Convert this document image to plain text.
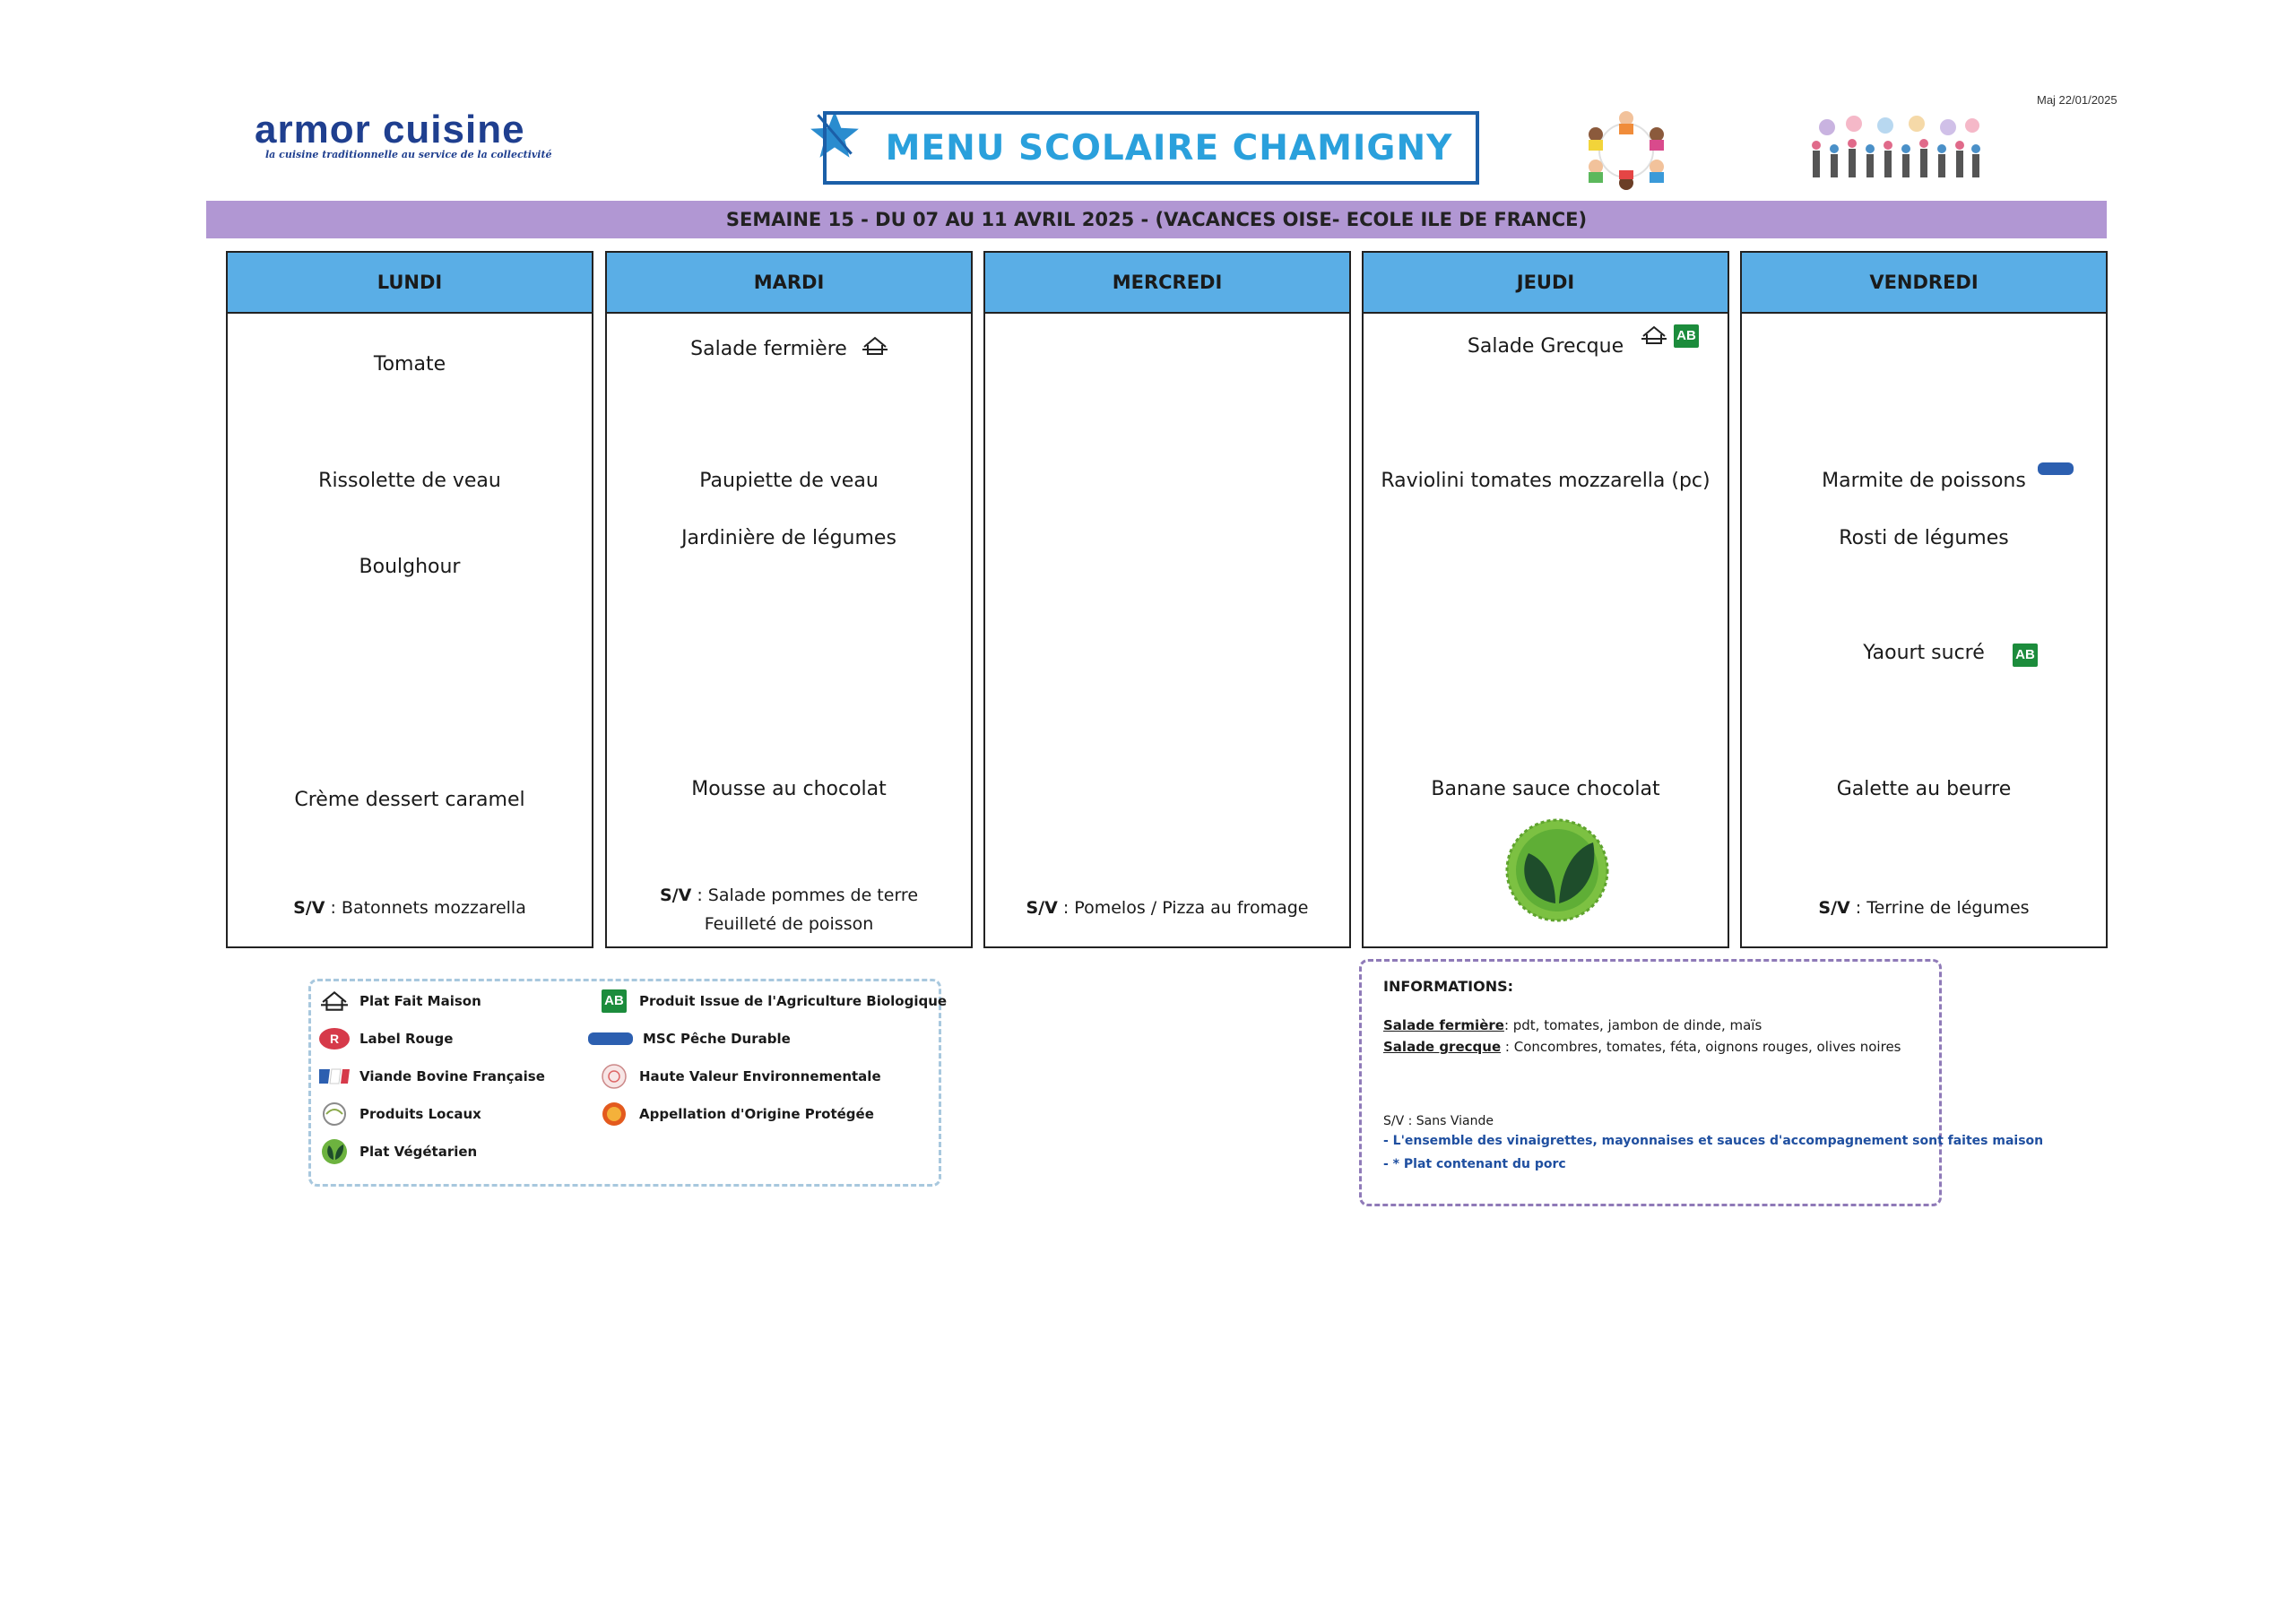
armor cuisine
la cuisine traditionnelle au service de la collectivité
Maj 22/01/2025
MENU SCOLAIRE CHAMIGNY
SEMAINE 15 - DU 07 AU 11 AVRIL 2025 - (VACANCES OISE- ECOLE ILE DE FRANCE)
LUNDI
Tomate
Rissolette de veau
Boulghour
Crème dessert caramel
S/V : Batonnets mozzarella
MARDI
Salade fermière
Paupiette de veau
Jardinière de légumes
Mousse au chocolat
S/V : Salade pommes de terre
Feuilleté de poisson
MERCREDI
S/V : Pomelos / Pizza au fromage
JEUDI
Salade Grecque	AB
Raviolini tomates mozzarella (pc)
Banane sauce chocolat
VENDREDI
Marmite de poissons
Rosti de légumes
Yaourt sucré	AB
Galette au beurre
S/V : Terrine de légumes
Plat Fait Maison
R Label Rouge
Viande Bovine Française
Produits Locaux
Plat Végétarien
AB Produit Issue de l'Agriculture Biologique
MSC Pêche Durable
Haute Valeur Environnementale
Appellation d'Origine Protégée
INFORMATIONS:
Salade fermière: pdt, tomates, jambon de dinde, maïs
Salade grecque : Concombres, tomates, féta, oignons rouges, olives noires
S/V : Sans Viande
- L'ensemble des vinaigrettes, mayonnaises et sauces d'accompagnement sont faites maison
- * Plat contenant du porc
